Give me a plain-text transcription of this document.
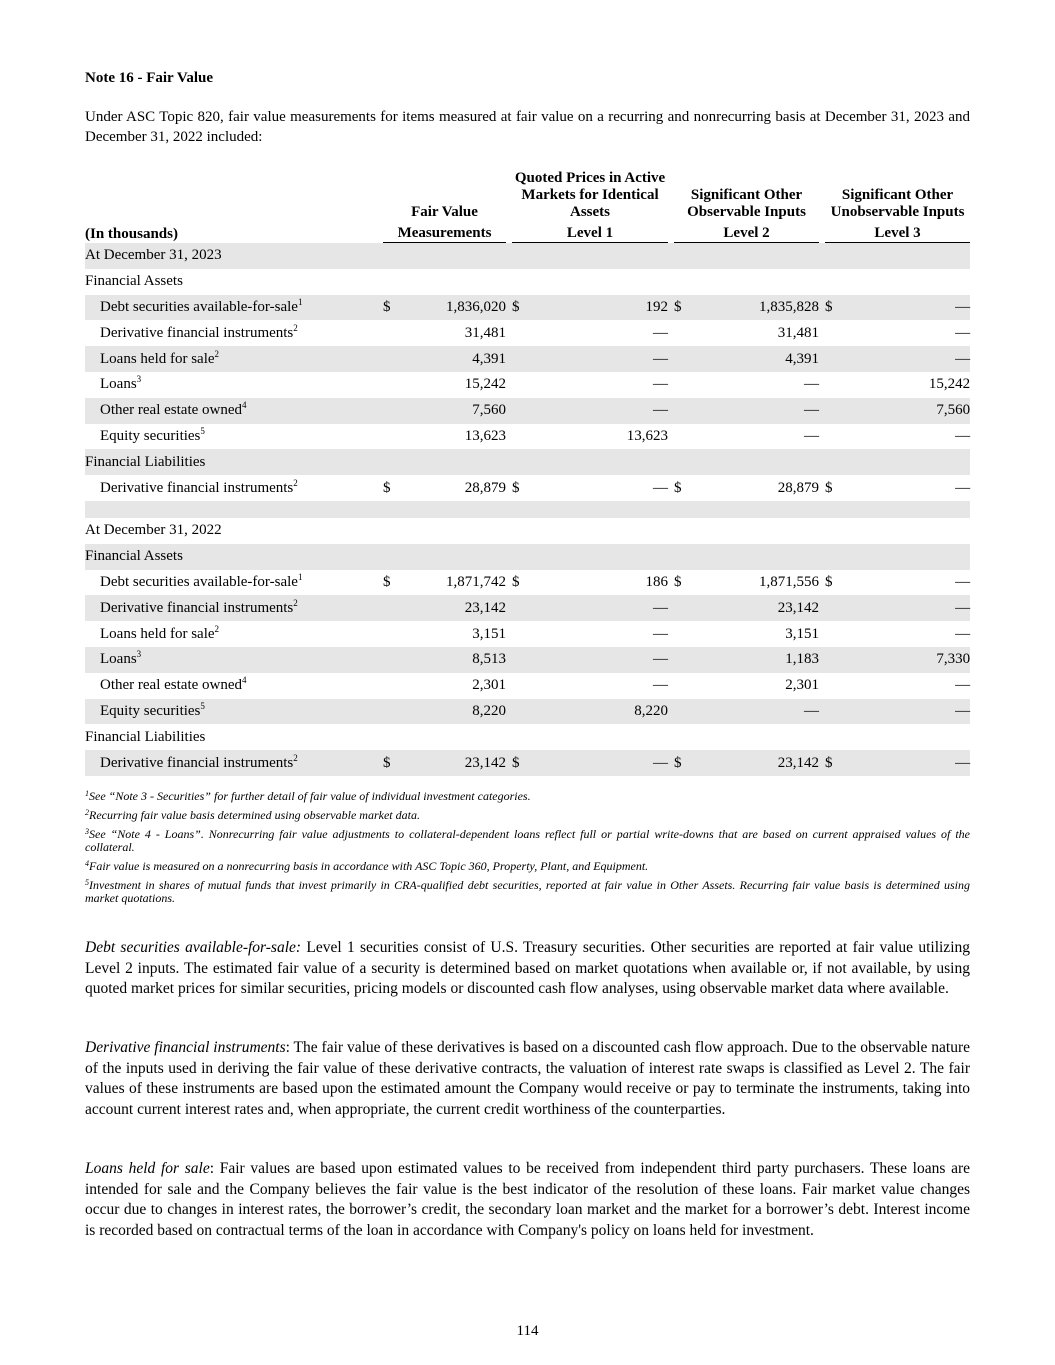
Note 16 - Fair Value
Under ASC Topic 820, fair value measurements for items measured at fair value on a recurring and nonrecurring basis at December 31, 2023 and December 31, 2022 included:
	Fair Value			Quoted Prices in Active Markets for Identical Assets			Significant Other Observable Inputs			Significant Other Unobservable Inputs	
(In thousands)	Measurements			Level 1			Level 2			Level 3	

At December 31, 2023											
Financial Assets											
Debt securities available-for-sale$^1$	$	1,836,020		$	192		$	1,835,828		$	—
Derivative financial instruments$^2$		31,481			—			31,481			—
Loans held for sale$^2$		4,391			—			4,391			—
Loans$^3$		15,242			—			—			15,242
Other real estate owned$^4$		7,560			—			—			7,560
Equity securities$^5$		13,623			13,623			—			—
Financial Liabilities											
Derivative financial instruments$^2$	$	28,879		$	—		$	28,879		$	—

At December 31, 2022											
Financial Assets											
Debt securities available-for-sale$^1$	$	1,871,742		$	186		$	1,871,556		$	—
Derivative financial instruments$^2$		23,142			—			23,142			—
Loans held for sale$^2$		3,151			—			3,151			—
Loans$^3$		8,513			—			1,183			7,330
Other real estate owned$^4$		2,301			—			2,301			—
Equity securities$^5$		8,220			8,220			—			—
Financial Liabilities											
Derivative financial instruments$^2$	$	23,142		$	—		$	23,142		$	—

$^1$See “Note 3 - Securities” for further detail of fair value of individual investment categories.

$^2$Recurring fair value basis determined using observable market data.

$^3$See “Note 4 - Loans”. Nonrecurring fair value adjustments to collateral-dependent loans reflect full or partial write-downs that are based on current appraised values of the collateral.

$^4$Fair value is measured on a nonrecurring basis in accordance with ASC Topic 360, Property, Plant, and Equipment.

$^5$Investment in shares of mutual funds that invest primarily in CRA-qualified debt securities, reported at fair value in Other Assets. Recurring fair value basis is determined using market quotations.

Debt securities available-for-sale: Level 1 securities consist of U.S. Treasury securities. Other securities are reported at fair value utilizing Level 2 inputs. The estimated fair value of a security is determined based on market quotations when available or, if not available, by using quoted market prices for similar securities, pricing models or discounted cash flow analyses, using observable market data where available.
Derivative financial instruments: The fair value of these derivatives is based on a discounted cash flow approach. Due to the observable nature of the inputs used in deriving the fair value of these derivative contracts, the valuation of interest rate swaps is classified as Level 2. The fair values of these instruments are based upon the estimated amount the Company would receive or pay to terminate the instruments, taking into account current interest rates and, when appropriate, the current credit worthiness of the counterparties.
Loans held for sale: Fair values are based upon estimated values to be received from independent third party purchasers. These loans are intended for sale and the Company believes the fair value is the best indicator of the resolution of these loans. Fair market value changes occur due to changes in interest rates, the borrower’s credit, the secondary loan market and the market for a borrower’s debt. Interest income is recorded based on contractual terms of the loan in accordance with Company's policy on loans held for investment.
114
